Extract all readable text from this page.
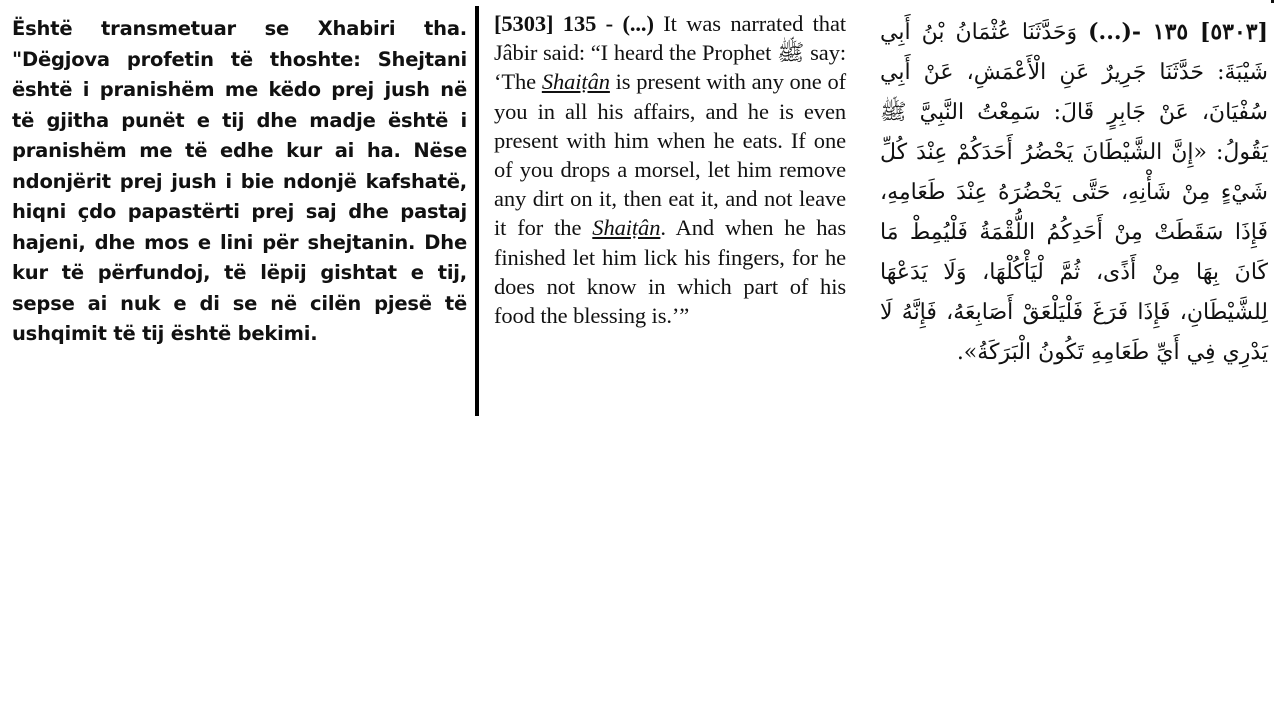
Është transmetuar se Xhabiri tha. "Dëgjova profetin të thoshte: Shejtani është i pranishëm me këdo prej jush në të gjitha punët e tij dhe madje është i pranishëm me të edhe kur ai ha. Nëse ndonjërit prej jush i bie ndonjë kafshatë, hiqni çdo papastërti prej saj dhe pastaj hajeni, dhe mos e lini për shejtanin. Dhe kur të përfundoj, të lëpij gishtat e tij, sepse ai nuk e di se në cilën pjesë të ushqimit të tij është bekimi.

[5303] 135 - (...) It was narrated that Jâbir said: “I heard the Prophet ﷺ say: ‘The Shaiṭân is present with any one of you in all his affairs, and he is even present with him when he eats. If one of you drops a morsel, let him remove any dirt on it, then eat it, and not leave it for the Shaiṭân. And when he has finished let him lick his fingers, for he does not know in which part of his food the blessing is.’”

[٥٣٠٣] ١٣٥ -(...) وَحَدَّثَنَا عُثْمَانُ بْنُ أَبِي شَيْبَةَ: حَدَّثَنَا جَرِيرٌ عَنِ الْأَعْمَشِ، عَنْ أَبِي سُفْيَانَ، عَنْ جَابِرٍ قَالَ: سَمِعْتُ النَّبِيَّ ﷺ يَقُولُ: «إِنَّ الشَّيْطَانَ يَحْضُرُ أَحَدَكُمْ عِنْدَ كُلِّ شَيْءٍ مِنْ شَأْنِهِ، حَتَّى يَحْضُرَهُ عِنْدَ طَعَامِهِ، فَإِذَا سَقَطَتْ مِنْ أَحَدِكُمُ اللُّقْمَةُ فَلْيُمِطْ مَا كَانَ بِهَا مِنْ أَذًى، ثُمَّ لْيَأْكُلْهَا، وَلَا يَدَعْهَا لِلشَّيْطَانِ، فَإِذَا فَرَغَ فَلْيَلْعَقْ أَصَابِعَهُ، فَإِنَّهُ لَا يَدْرِي فِي أَيِّ طَعَامِهِ تَكُونُ الْبَرَكَةُ».
